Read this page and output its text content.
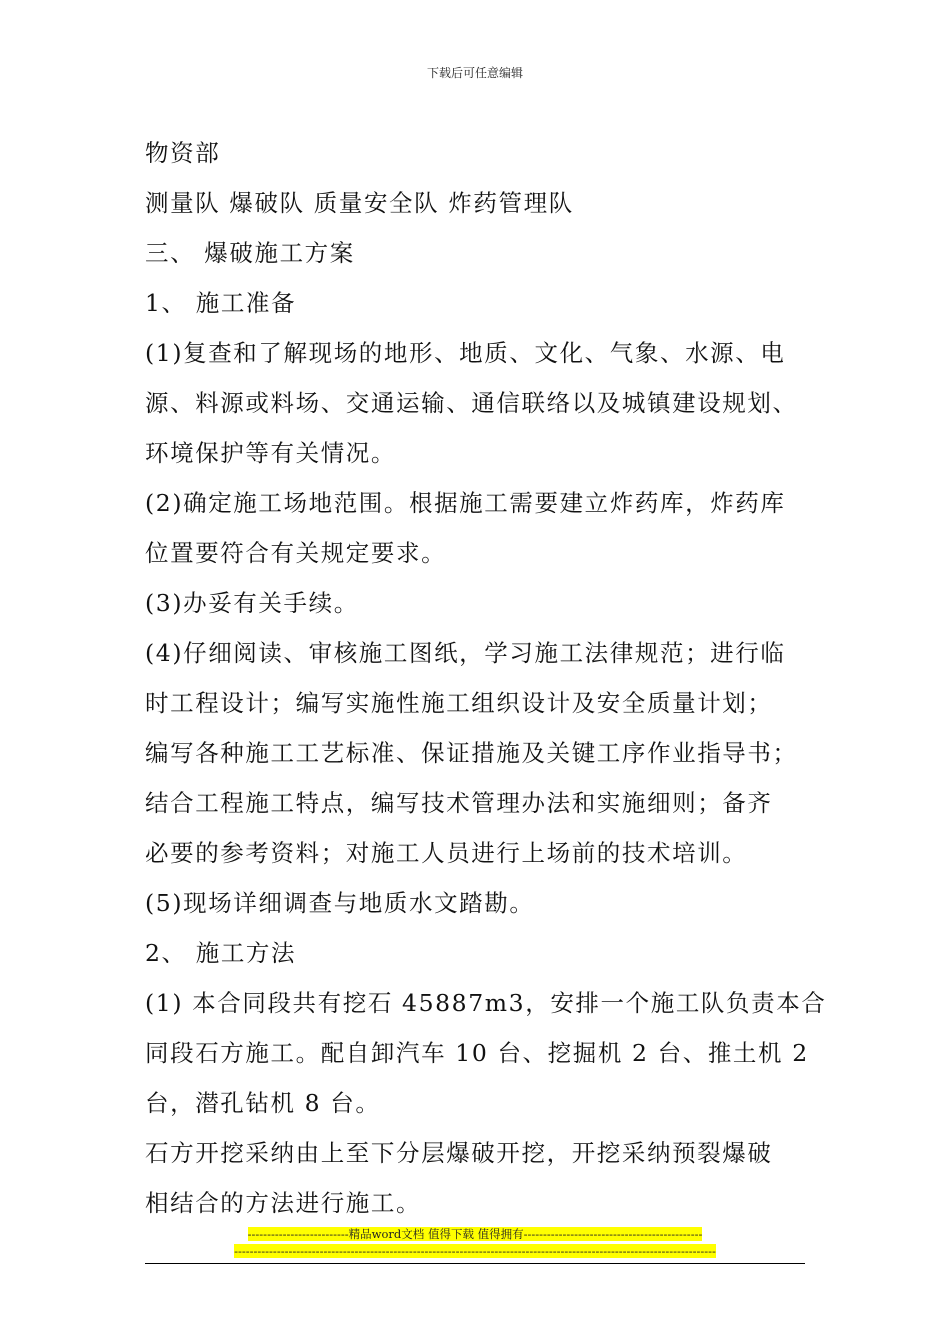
下载后可任意编辑
物资部
测量队 爆破队 质量安全队 炸药管理队
三、 爆破施工方案
1、 施工准备
(1)复查和了解现场的地形、地质、文化、气象、水源、电
源、料源或料场、交通运输、通信联络以及城镇建设规划、
环境保护等有关情况。
(2)确定施工场地范围。根据施工需要建立炸药库，炸药库
位置要符合有关规定要求。
(3)办妥有关手续。
(4)仔细阅读、审核施工图纸，学习施工法律规范；进行临
时工程设计；编写实施性施工组织设计及安全质量计划；
编写各种施工工艺标准、保证措施及关键工序作业指导书；
结合工程施工特点，编写技术管理办法和实施细则；备齐
必要的参考资料；对施工人员进行上场前的技术培训。
(5)现场详细调查与地质水文踏勘。
2、 施工方法
(1) 本合同段共有挖石 45887m3，安排一个施工队负责本合
同段石方施工。配自卸汽车 10 台、挖掘机 2 台、推土机 2
台，潜孔钻机 8 台。
石方开挖采纳由上至下分层爆破开挖，开挖采纳预裂爆破
相结合的方法进行施工。
--------------------------精品word文档 值得下载 值得拥有----------------------------------------------
----------------------------------------------------------------------------------------------------------------------------
